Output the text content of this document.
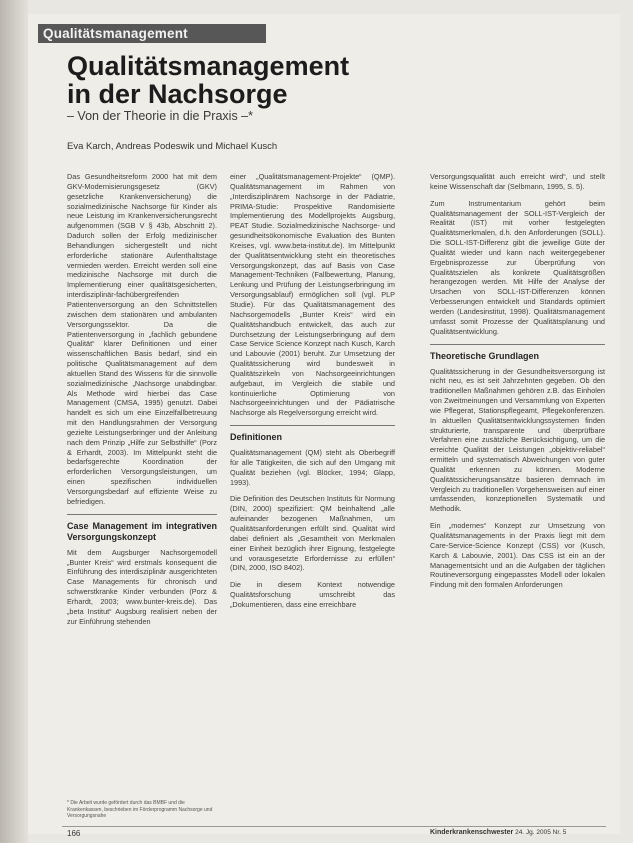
Qualitätsmanagement
Qualitätsmanagement
in der Nachsorge
– Von der Theorie in die Praxis –*
Eva Karch, Andreas Podeswik und Michael Kusch

Das Gesundheitsreform 2000 hat mit dem GKV-Modernisierungsgesetz (GKV) gesetzliche Krankenversicherung) die sozialmedizinische Nachsorge für Kinder als neue Leistung im Krankenversicherungsrecht aufgenommen (SGB V § 43b, Abschnitt 2). Dadurch sollen der Erfolg medizinischer Behandlungen sichergestellt und nicht erforderliche stationäre Aufenthaltstage vermieden werden. Erreicht werden soll eine medizinische Nachsorge mit durch die Implementierung einer qualitätsgesicherten, interdisziplinär-fachübergreifenden Patientenversorgung an den Schnittstellen zwischen dem stationären und ambulanten Versorgungssektor. Da die Patientenversorgung in „fachlich gebundene Qualität“ klarer Definitionen und einer wissenschaftlichen Basis bedarf, sind ein politische Qualitätsmanagement auf dem aktuellen Stand des Wissens für die sinnvolle sozialmedizinische „Nachsorge unabdingbar. Als Methode wird hierbei das Case Management (CMSA, 1995) genutzt. Dabei handelt es sich um eine Einzelfallbetreuung mit den Handlungsrahmen der Versorgung gezielte Leistungserbringer und der Anleitung nach dem Prinzip „Hilfe zur Selbsthilfe“ (Porz & Erhardt, 2003). Im Mittelpunkt steht die bedarfsgerechte Koordination der erforderlichen Versorgungsleistungen, um einen spezifischen individuellen Versorgungsbedarf auf effiziente Weise zu befriedigen.

Case Management im integrativen Versorgungskonzept

Mit dem Augsburger Nachsorgemodell „Bunter Kreis“ wird erstmals konsequent die Einführung des interdisziplinär ausgerichteten Case Managements für chronisch und schwerstkranke Kinder verbunden (Porz & Erhardt, 2003; www.bunter-kreis.de). Das „beta Institut“ Augsburg realisiert neben der zur Einführung stehenden

* Die Arbeit wurde gefördert durch das BMBF und die Krankenkassen, beschrieben im Förderprogramm Nachsorge und Versorgungsnahe

einer „Qualitätsmanagement-Projekte“ (QMP). Qualitätsmanagement im Rahmen von „Interdisziplinärem Nachsorge in der Pädiatrie, PRIMA-Studie: Prospektive Randomisierte Implementierung des Modellprojekts Augsburg, PEAT Studie. Sozialmedizinische Nachsorge- und gesundheitsökonomische Evaluation des Bunten Kreises, vgl. www.beta-institut.de). Im Mittelpunkt der Qualitätsentwicklung steht ein theoretisches Versorgungskonzept, das auf Basis von Case Management-Techniken (Fallbewertung, Planung, Lenkung und Prüfung der Leistungserbringung im Versorgungsablauf) ermöglichen soll (vgl. PLP Studie). Für das Qualitätsmanagement des Nachsorgemodells „Bunter Kreis“ wird ein Qualitätshandbuch entwickelt, das auch zur Durchsetzung der Leistungserbringung auf dem Case Service Science Konzept nach Kusch, Karch und Labouvie (2001) beruht. Zur Umsetzung der Qualitätssicherung wird bundesweit in Qualitätszirkeln von Nachsorgeeinrichtungen aufgebaut, im Vergleich die stabile und kontinuierliche Optimierung von Nachsorgeeinrichtungen und der Pädiatrische Nachsorge als Regelversorgung erreicht wird.

Definitionen

Qualitätsmanagement (QM) steht als Oberbegriff für alle Tätigkeiten, die sich auf den Umgang mit Qualität beziehen (vgl. Blöcker, 1994; Glapp, 1993).

Die Definition des Deutschen Instituts für Normung (DIN, 2000) spezifiziert: QM beinhaltend „alle aufeinander bezogenen Maßnahmen, um Qualitätsanforderungen erfüllt sind. Qualität wird dabei definiert als „Gesamtheit von Merkmalen einer Einheit bezüglich ihrer Eignung, festgelegte und vorausgesetzte Erfordernisse zu erfüllen“ (DIN, 2000, ISO 8402).

Die in diesem Kontext notwendige Qualitätsforschung umschreibt das „Dokumentieren, dass eine erreichbare

Versorgungsqualität auch erreicht wird“, und stellt keine Wissenschaft dar (Selbmann, 1995, S. 5).

Zum Instrumentarium gehört beim Qualitätsmanagement der SOLL-IST-Vergleich der Realität (IST) mit vorher festgelegten Qualitätsmerkmalen, d.h. den Anforderungen (SOLL). Die SOLL-IST-Differenz gibt die jeweilige Güte der Qualität wieder und kann nach weitergegebener Ergebnisprozesse zur Überprüfung von Qualitätszielen als konkrete Qualitätsgrößen herangezogen werden. Mit Hilfe der Analyse der Ursachen von SOLL-IST-Differenzen können Verbesserungen entwickelt und Standards optimiert werden (Landesinstitut, 1998). Qualitätsmanagement umfasst somit Prozesse der Qualitätsplanung und Qualitätsentwicklung.

Theoretische Grundlagen

Qualitätssicherung in der Gesundheitsversorgung ist nicht neu, es ist seit Jahrzehnten gegeben. Ob den traditionellen Maßnahmen gehören z.B. das Einholen von Zweitmeinungen und Versammlung von Experten wie Pflegerat, Stationspflegeamt, Pflegekonferenzen. In aktuellen Qualitätsentwicklungssystemen finden strukturierte, transparente und überprüfbare Verfahren eine zusätzliche Berücksichtigung, um die erreichte Qualität der Leistungen „objektiv-reliabel“ ermitteln und systematisch Abweichungen von guter Qualität erkennen zu können. Moderne Qualitätssicherungsansätze basieren demnach im Vergleich zu traditionellen Vorgehensweisen auf einer umfassenden, konzeptionellen Systematik und Methodik.

Ein „modernes“ Konzept zur Umsetzung von Qualitätsmanagements in der Praxis liegt mit dem Care-Service-Science Konzept (CSS) vor (Kusch, Karch & Labouvie, 2001). Das CSS ist ein an der Managementsicht und an die Aufgaben der täglichen Routineversorgung eingepasstes Modell oder lokalen Findung mit den formalen Anforderungen

166	Kinderkrankenschwester 24. Jg. 2005 Nr. 5
